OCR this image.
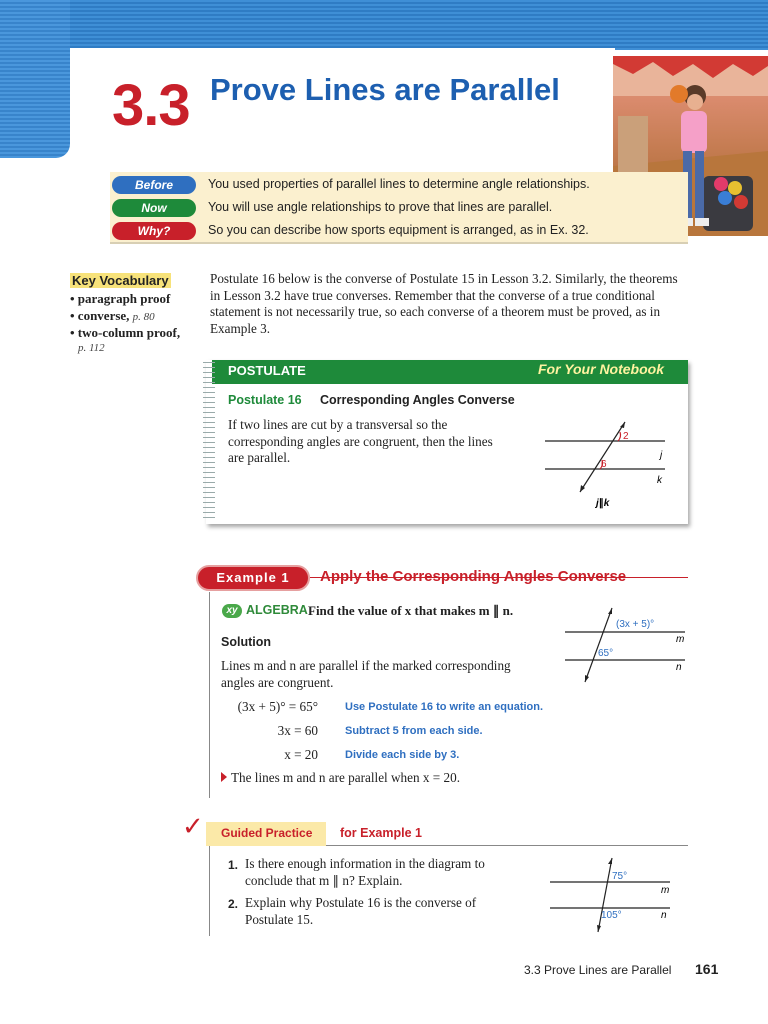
3.3 Prove Lines are Parallel
Before	You used properties of parallel lines to determine angle relationships.
Now	You will use angle relationships to prove that lines are parallel.
Why?	So you can describe how sports equipment is arranged, as in Ex. 32.
Key Vocabulary
• paragraph proof
• converse, p. 80
• two-column proof,
p. 112
Postulate 16 below is the converse of Postulate 15 in Lesson 3.2. Similarly, the theorems in Lesson 3.2 have true converses. Remember that the converse of a true conditional statement is not necessarily true, so each converse of a theorem must be proved, as in Example 3.
POSTULATE	For Your Notebook
Postulate 16 Corresponding Angles Converse
If two lines are cut by a transversal so the corresponding angles are congruent, then the lines are parallel.
2
6
j
k
j∥k
Example 1	Apply the Corresponding Angles Converse
xy ALGEBRA Find the value of x that makes m ∥ n.
Solution
Lines m and n are parallel if the marked corresponding angles are congruent.
(3x + 5)° = 65° Use Postulate 16 to write an equation.
3x = 60 Subtract 5 from each side.
x = 20 Divide each side by 3.
The lines m and n are parallel when x = 20.
(3x + 5)°
65°
m
n
✓ Guided Practice for Example 1
1. Is there enough information in the diagram to conclude that m ∥ n? Explain.
2. Explain why Postulate 16 is the converse of Postulate 15.
75°
105°
m
n
3.3 Prove Lines are Parallel 161
